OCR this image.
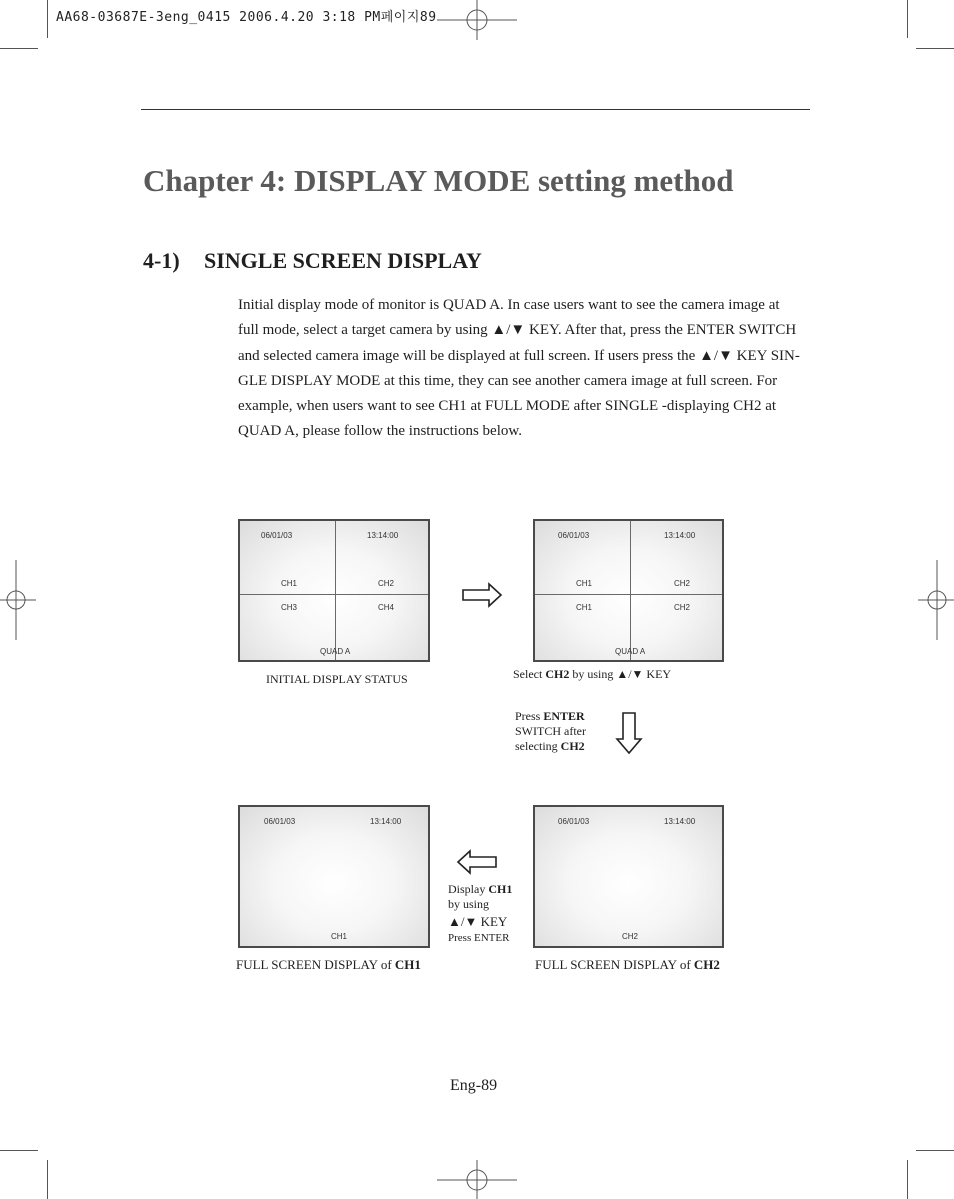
AA68-03687E-3eng_0415 2006.4.20 3:18 PM페이지89
Chapter 4: DISPLAY MODE setting method
4-1) SINGLE SCREEN DISPLAY

Initial display mode of monitor is QUAD A. In case users want to see the camera image at

full mode, select a target camera by using ▲/▼ KEY. After that, press the ENTER SWITCH

and selected camera image will be displayed at full screen. If users press the ▲/▼ KEY SIN-

GLE DISPLAY MODE at this time, they can see another camera image at full screen. For

example, when users want to see CH1 at FULL MODE after SINGLE -displaying CH2 at

QUAD A, please follow the instructions below.

06/01/03	13:14:00
CH1	CH2
CH3	CH4
QUAD A
INITIAL DISPLAY STATUS
06/01/03	13:14:00
CH1	CH2
CH1	CH2
QUAD A
Select CH2 by using ▲/▼ KEY
Press ENTER
SWITCH after
selecting CH2
06/01/03	13:14:00
CH1
FULL SCREEN DISPLAY of CH1
Display CH1
by using
▲/▼ KEY
Press ENTER
06/01/03	13:14:00
CH2
FULL SCREEN DISPLAY of CH2
Eng-89
